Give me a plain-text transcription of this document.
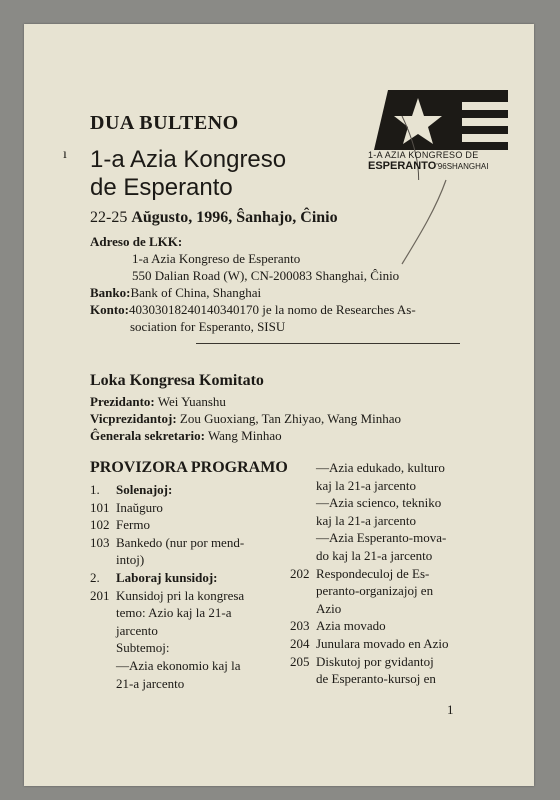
1-A AZIA KONGRESO DE
ESPERANTO'96SHANGHAI
ı
DUA BULTENO
1-a Azia Kongreso
de Esperanto
22-25 Aŭgusto, 1996, Ŝanhajo, Ĉinio
Adreso de LKK:
1-a Azia Kongreso de Esperanto
550 Dalian Road (W), CN-200083 Shanghai, Ĉinio
Banko:Bank of China, Shanghai
Konto:40303018240140340170 je la nomo de Researches As-
sociation for Esperanto, SISU
Loka Kongresa Komitato
Prezidanto: Wei Yuanshu
Vicprezidantoj: Zou Guoxiang, Tan Zhiyao, Wang Minhao
Ĝenerala sekretario: Wang Minhao
PROVIZORA PROGRAMO
1.	Solenajoj:
101 Inaŭguro
102 Fermo
103 Bankedo (nur por mend-
intoj)
2.	Laboraj kunsidoj:
201 Kunsidoj pri la kongresa
temo: Azio kaj la 21-a
jarcento
Subtemoj:
—Azia ekonomio kaj la
21-a jarcento
—Azia edukado, kulturo
kaj la 21-a jarcento
—Azia scienco, tekniko
kaj la 21-a jarcento
—Azia Esperanto-mova-
do kaj la 21-a jarcento
202 Respondeculoj de Es-
peranto-organizajoj en
Azio
203 Azia movado
204 Junulara movado en Azio
205 Diskutoj por gvidantoj
de Esperanto-kursoj en
1
